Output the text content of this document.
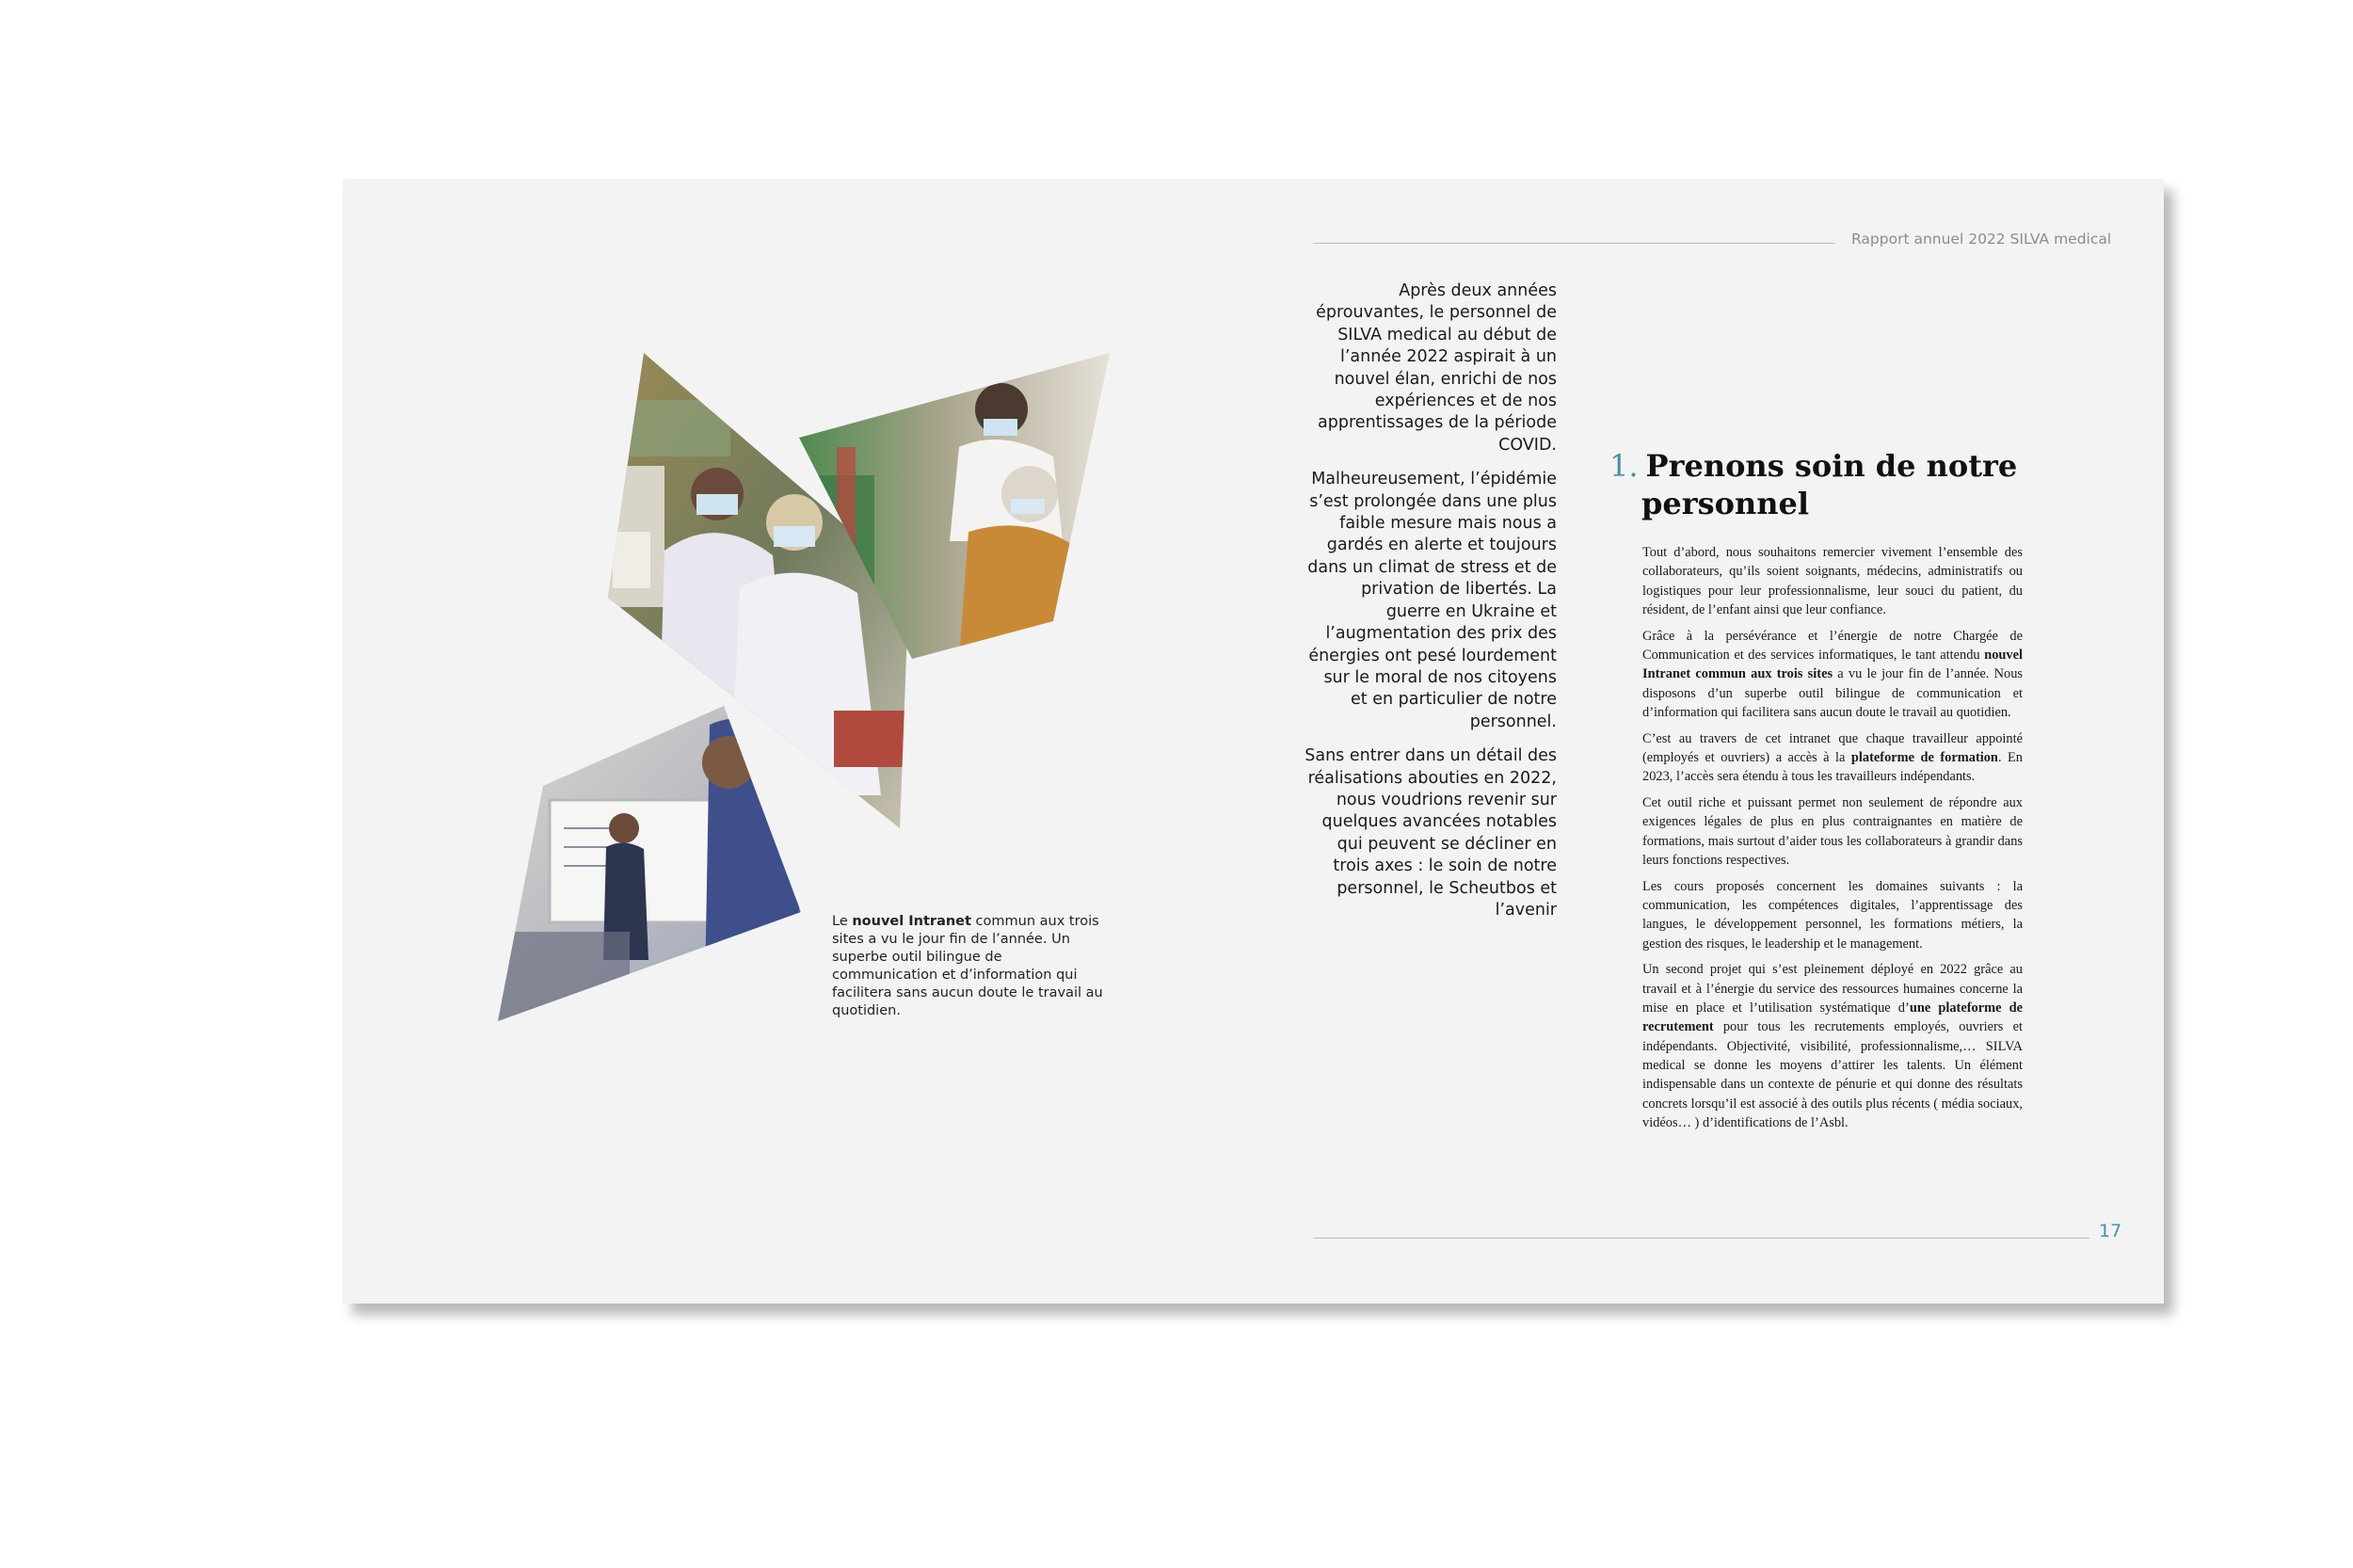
Le nouvel Intranet commun aux trois sites a vu le jour fin de l’année. Un superbe outil bilingue de communication et d’information qui facilitera sans aucun doute le travail au quotidien.
Rapport annuel 2022 SILVA medical

Après deux années éprouvantes, le personnel de SILVA medical au début de l’année 2022 aspirait à un nouvel élan, enrichi de nos expériences et de nos apprentissages de la période COVID.

Malheureusement, l’épidémie s’est prolongée dans une plus faible mesure mais nous a gardés en alerte et toujours dans un climat de stress et de privation de libertés. La guerre en Ukraine et l’augmentation des prix des énergies ont pesé lourdement sur le moral de nos citoyens et en particulier de notre personnel.

Sans entrer dans un détail des réalisations abouties en 2022, nous voudrions revenir sur quelques avancées notables qui peuvent se décliner en trois axes : le soin de notre personnel, le Scheutbos et l’avenir

1. Prenons soin de notre
personnel

Tout d’abord, nous souhaitons remercier vivement l’ensemble des collaborateurs, qu’ils soient soignants, médecins, administratifs ou logistiques pour leur professionnalisme, leur souci du patient, du résident, de l’enfant ainsi que leur confiance.

Grâce à la persévérance et l’énergie de notre Chargée de Communication et des services informatiques, le tant attendu nouvel Intranet commun aux trois sites a vu le jour fin de l’année. Nous disposons d’un superbe outil bilingue de communication et d’information qui facilitera sans aucun doute le travail au quotidien.

C’est au travers de cet intranet que chaque travailleur appointé (employés et ouvriers) a accès à la plateforme de formation. En 2023, l’accès sera étendu à tous les travailleurs indépendants.

Cet outil riche et puissant permet non seulement de répondre aux exigences légales de plus en plus contraignantes en matière de formations, mais surtout d’aider tous les collaborateurs à grandir dans leurs fonctions respectives.

Les cours proposés concernent les domaines suivants : la communication, les compétences digitales, l’apprentissage des langues, le développement personnel, les formations métiers, la gestion des risques, le leadership et le management.

Un second projet qui s’est pleinement déployé en 2022 grâce au travail et à l’énergie du service des ressources humaines concerne la mise en place et l’utilisation systématique d’une plateforme de recrutement pour tous les recrutements employés, ouvriers et indépendants. Objectivité, visibilité, professionnalisme,… SILVA medical se donne les moyens d’attirer les talents. Un élément indispensable dans un contexte de pénurie et qui donne des résultats concrets lorsqu’il est associé à des outils plus récents ( média sociaux, vidéos… ) d’identifications de l’Asbl.

17
